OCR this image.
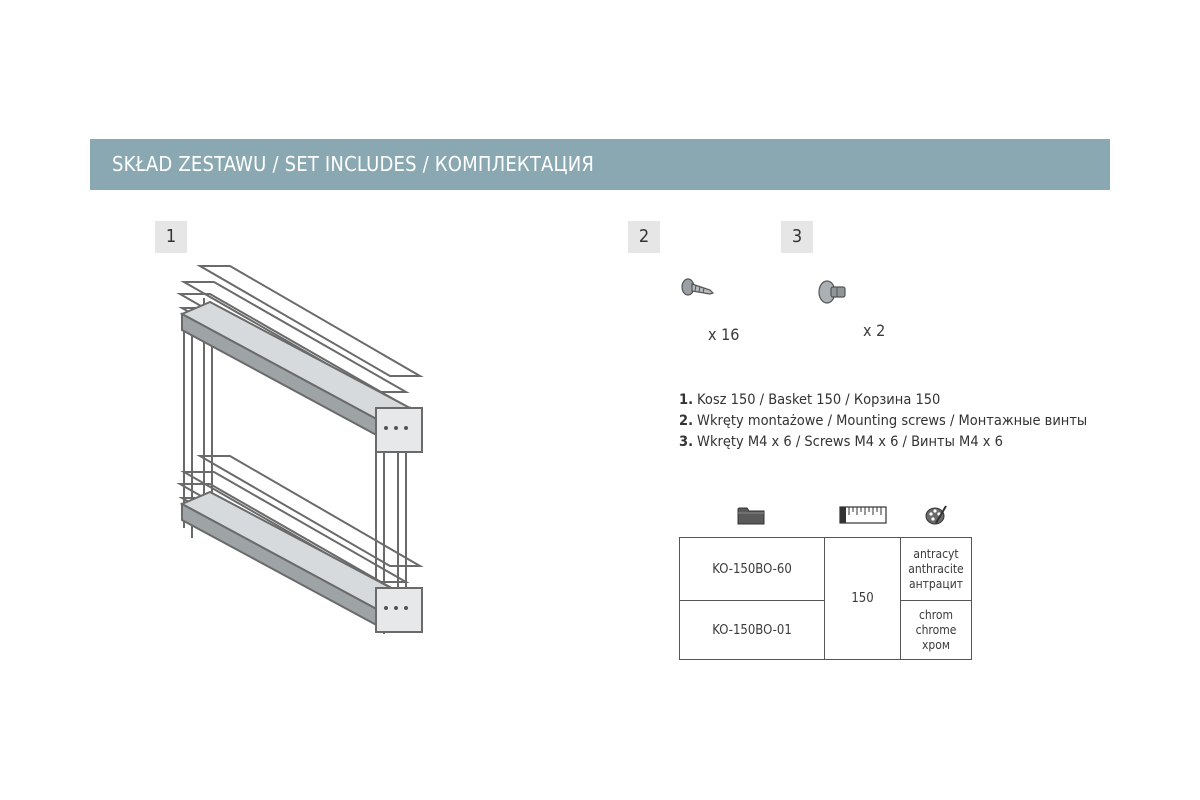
SKŁAD ZESTAWU / SET INCLUDES / КОМПЛЕКТАЦИЯ
1	2	3
x 16	x 2
1. Kosz 150 / Basket 150 / Корзина 150
2. Wkręty montażowe / Mounting screws / Монтажные винты
3. Wkręty M4 x 6 / Screws M4 x 6 / Винты M4 x 6
KO-150BO-60	150	antracyt
anthracite
антрацит

KO-150BO-01		chrom
chrome
хром
